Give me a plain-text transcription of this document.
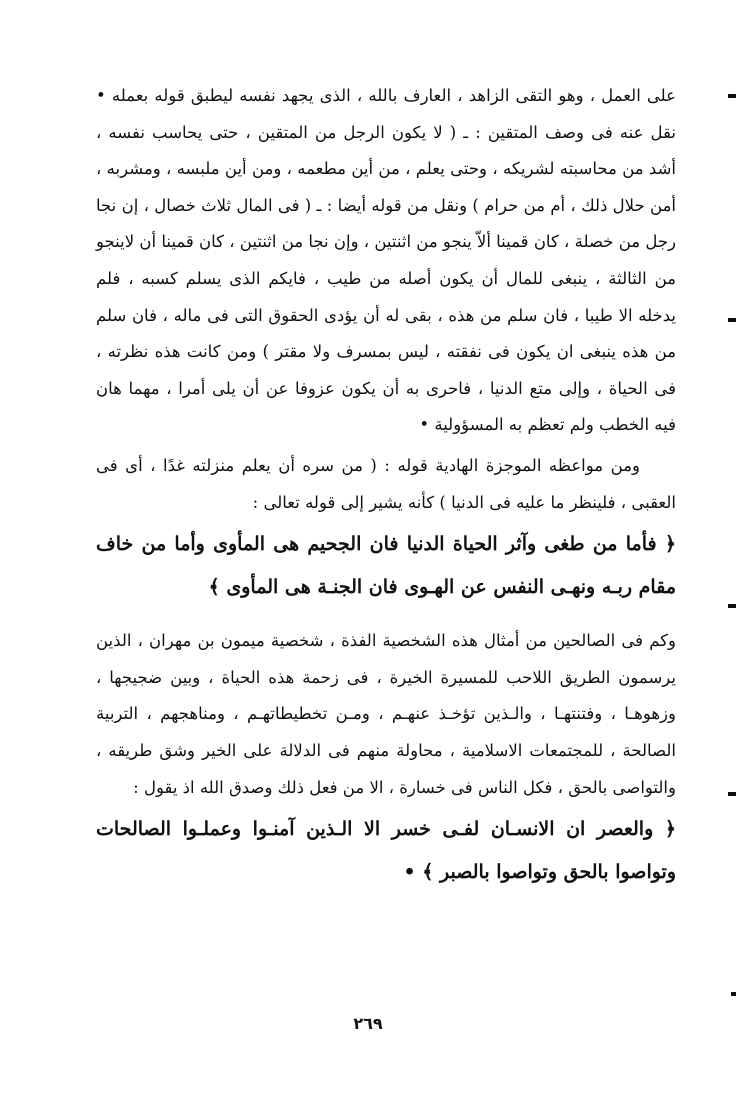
على العمل ، وهو التقى الزاهد ، العارف بالله ، الذى يجهد نفسه ليطبق قوله بعمله • نقل عنه فى وصف المتقين : ـ ( لا يكون الرجل من المتقين ، حتى يحاسب نفسه ، أشد من محاسبته لشريكه ، وحتى يعلم ، من أين مطعمه ، ومن أين ملبسه ، ومشربه ، أمن حلال ذلك ، أم من حرام ) ونقل من قوله أيضا : ـ ( فى المال ثلاث خصال ، إن نجا رجل من خصلة ، كان قمينا ألاّ ينجو من اثنتين ، وإن نجا من اثنتين ، كان قمينا أن لاينجو من الثالثة ، ينبغى للمال أن يكون أصله من طيب ، فايكم الذى يسلم كسبه ، فلم يدخله الا طيبا ، فان سلم من هذه ، بقى له أن يؤدى الحقوق التى فى ماله ، فان سلم من هذه ينبغى ان يكون فى نفقته ، ليس بمسرف ولا مقتر ) ومن كانت هذه نظرته ، فى الحياة ، وإلى متع الدنيا ، فاحرى به أن يكون عزوفا عن أن يلى أمرا ، مهما هان فيه الخطب ولم تعظم به المسؤولية •

ومن مواعظه الموجزة الهادية قوله : ( من سره أن يعلم منزلته غدًا ، أى فى العقبى ، فلينظر ما عليه فى الدنيا ) كأنه يشير إلى قوله تعالى :

﴿ فأما من طغى وآثر الحياة الدنيا فان الجحيم هى المأوى وأما من خاف مقام ربـه ونهـى النفس عن الهـوى فان الجنـة هى المأوى ﴾

وكم فى الصالحين من أمثال هذه الشخصية الفذة ، شخصية ميمون بن مهران ، الذين يرسمون الطريق اللاحب للمسيرة الخيرة ، فى زحمة هذه الحياة ، وبين ضجيجها ، وزهوهـا ، وفتنتهـا ، والـذين تؤخـذ عنهـم ، ومـن تخطيطاتهـم ، ومناهجهم ، التربية الصالحة ، للمجتمعات الاسلامية ، محاولة منهم فى الدلالة على الخير وشق طريقه ، والتواصى بالحق ، فكل الناس فى خسارة ، الا من فعل ذلك وصدق الله اذ يقول :

﴿ والعصر ان الانسـان لفـى خسر الا الـذين آمنـوا وعملـوا الصالحات وتواصوا بالحق وتواصوا بالصبر ﴾ •

٢٦٩
